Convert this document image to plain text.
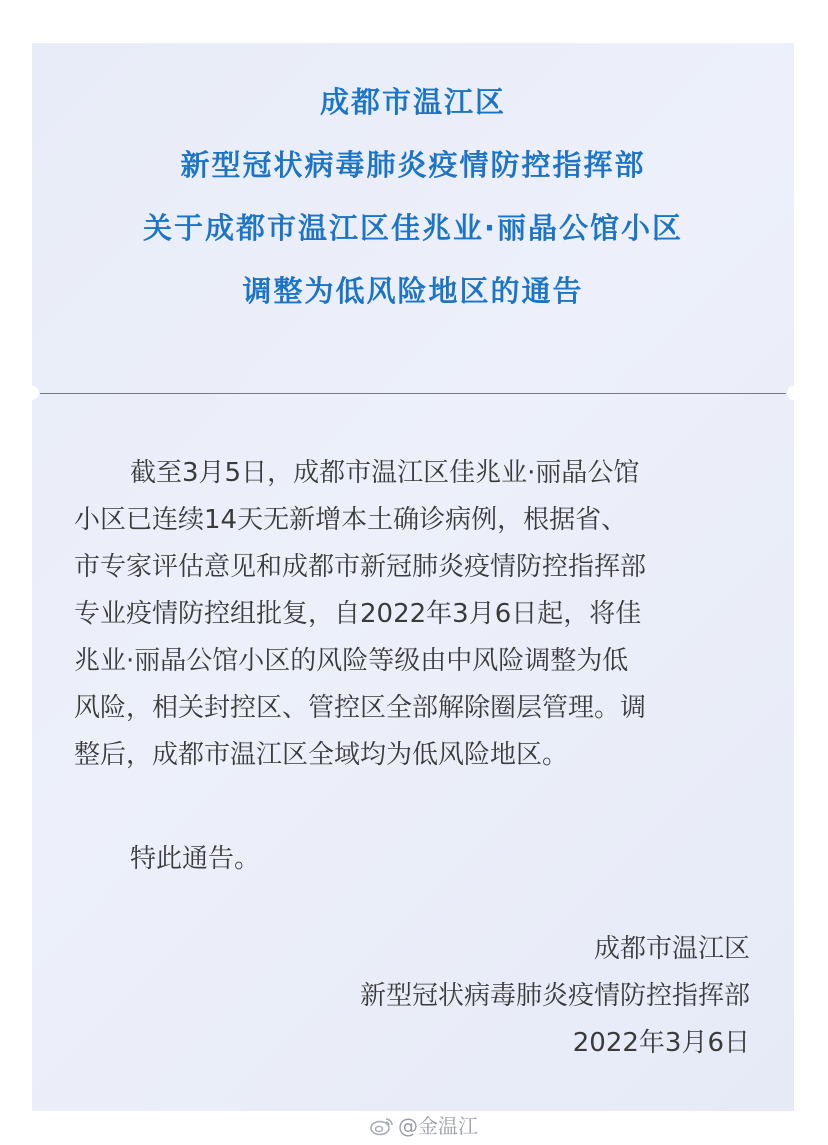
成都市温江区
新型冠状病毒肺炎疫情防控指挥部
关于成都市温江区佳兆业·丽晶公馆小区
调整为低风险地区的通告

截至3月5日，成都市温江区佳兆业·丽晶公馆

小区已连续14天无新增本土确诊病例，根据省、

市专家评估意见和成都市新冠肺炎疫情防控指挥部

专业疫情防控组批复，自2022年3月6日起，将佳

兆业·丽晶公馆小区的风险等级由中风险调整为低

风险，相关封控区、管控区全部解除圈层管理。调

整后，成都市温江区全域均为低风险地区。

特此通告。
成都市温江区
新型冠状病毒肺炎疫情防控指挥部
2022年3月6日
@金温江
